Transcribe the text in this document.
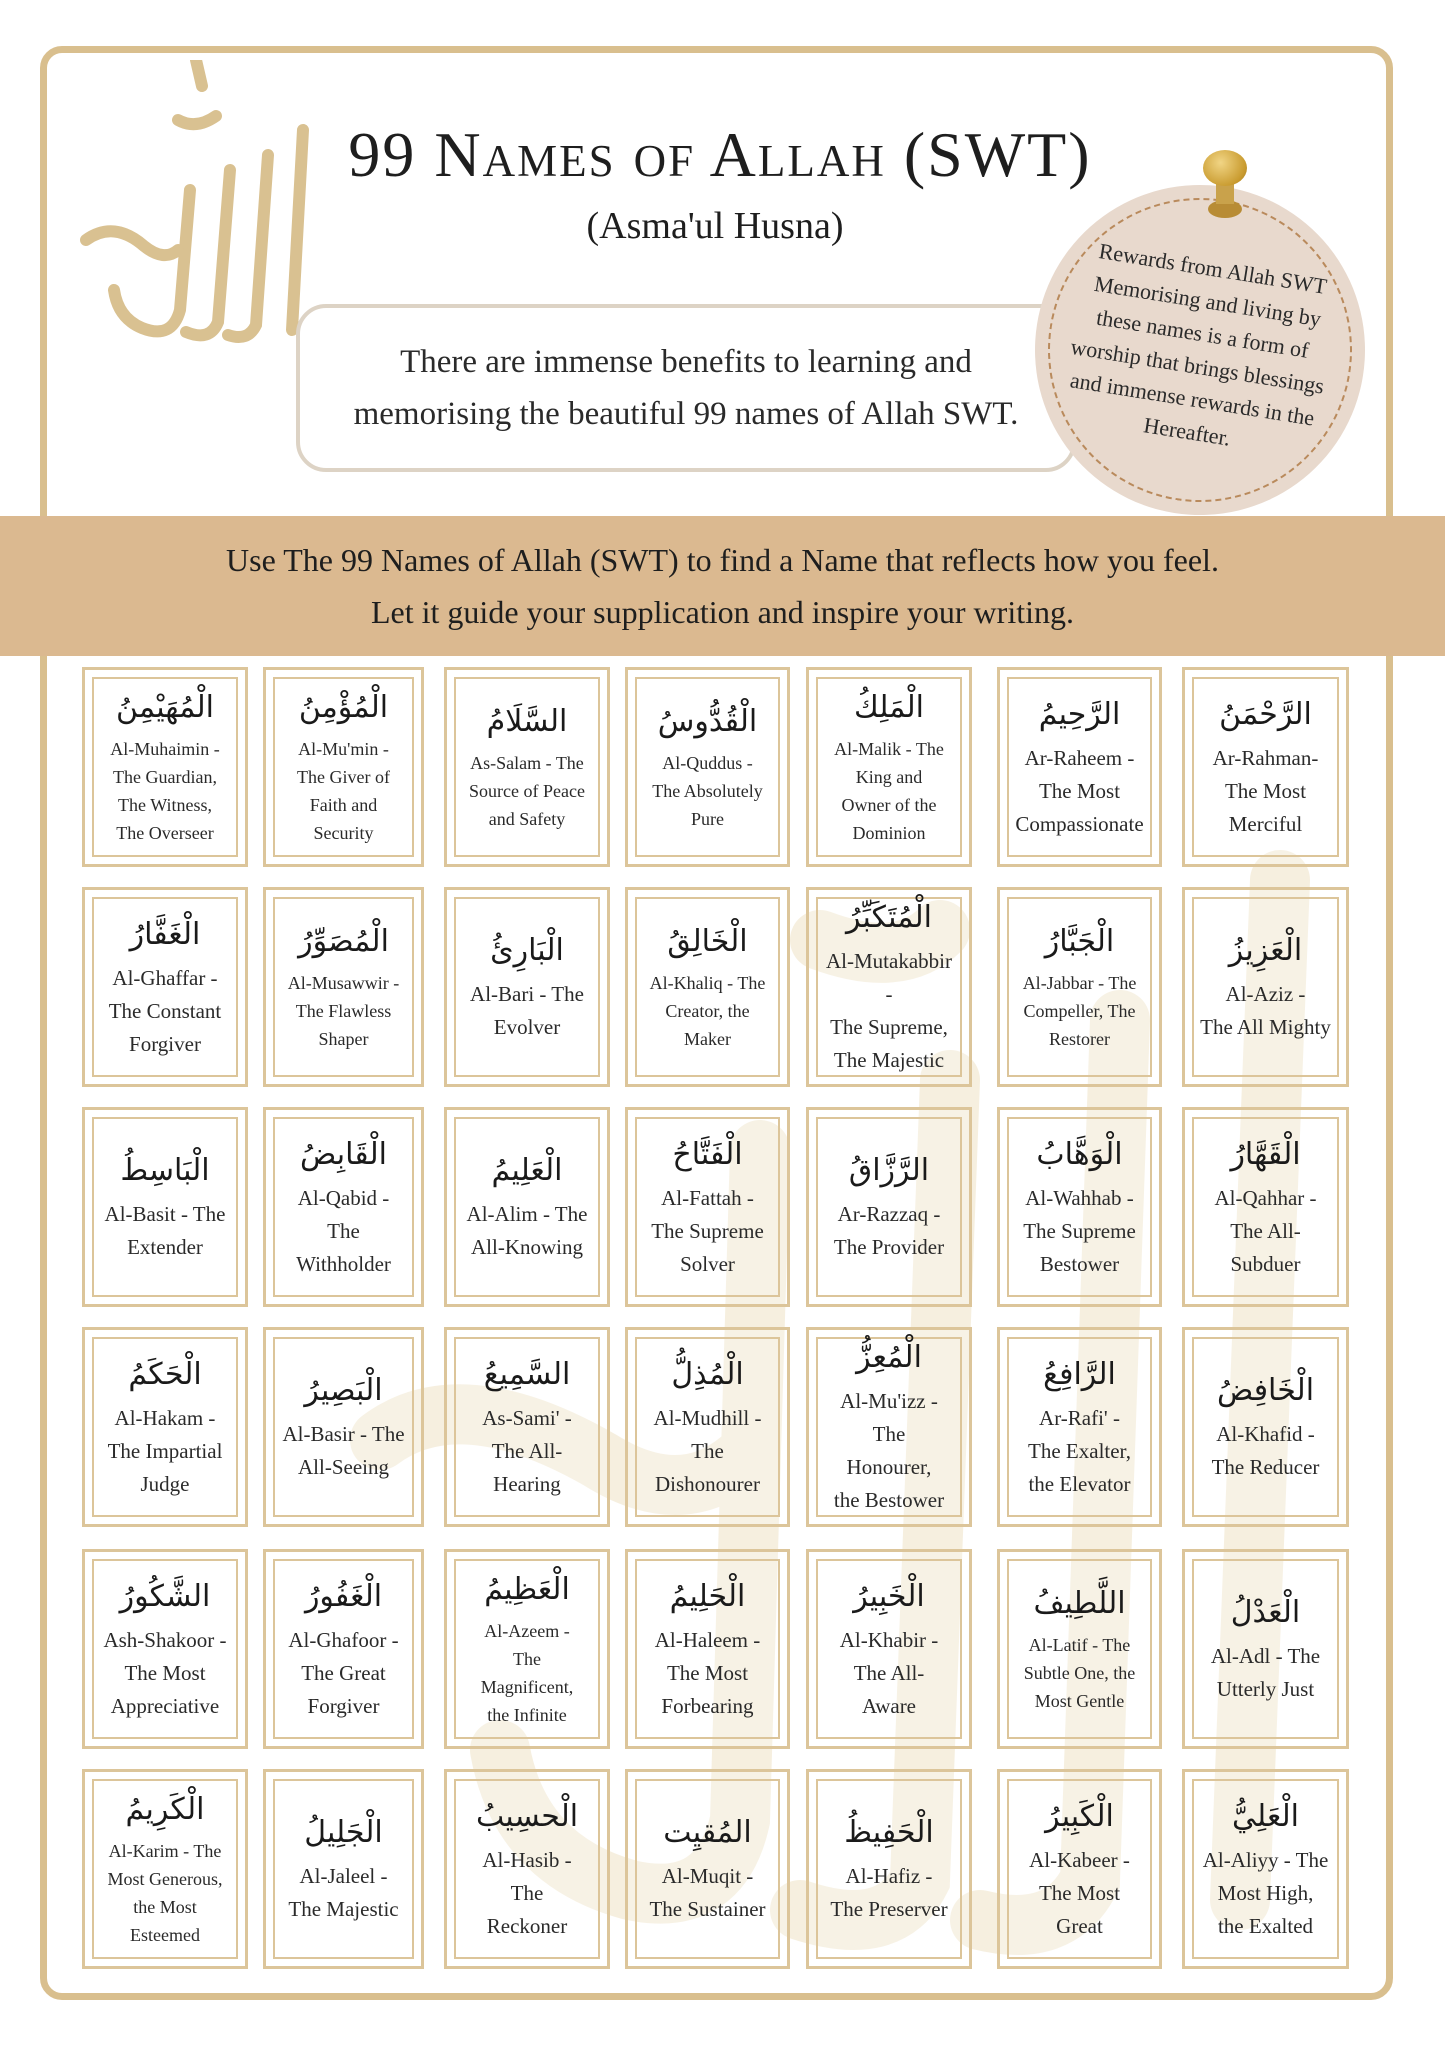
99 Names of Allah (SWT)
(Asma'ul Husna)
There are immense benefits to learning and
memorising the beautiful 99 names of Allah SWT.
Rewards from Allah SWT Memorising and living by these names is a form of worship that brings blessings and immense rewards in the Hereafter.
Use The 99 Names of Allah (SWT) to find a Name that reflects how you feel.
Let it guide your supplication and inspire your writing.
الْمُهَيْمِنُ
Al-Muhaimin -
The Guardian,
The Witness,
The Overseer
الْمُؤْمِنُ
Al-Mu'min -
The Giver of
Faith and
Security
السَّلَامُ
As-Salam - The
Source of Peace
and Safety
الْقُدُّوسُ
Al-Quddus -
The Absolutely
Pure
الْمَلِكُ
Al-Malik - The
King and
Owner of the
Dominion
الرَّحِيمُ
Ar-Raheem -
The Most
Compassionate
الرَّحْمَنُ
Ar-Rahman-
The Most
Merciful
الْغَفَّارُ
Al-Ghaffar -
The Constant
Forgiver
الْمُصَوِّرُ
Al-Musawwir -
The Flawless
Shaper
الْبَارِئُ
Al-Bari - The
Evolver
الْخَالِقُ
Al-Khaliq - The
Creator, the
Maker
الْمُتَكَبِّرُ
Al-Mutakabbir -
The Supreme,
The Majestic
الْجَبَّارُ
Al-Jabbar - The
Compeller, The
Restorer
الْعَزِيزُ
Al-Aziz -
The All Mighty
الْبَاسِطُ
Al-Basit - The
Extender
الْقَابِضُ
Al-Qabid -
The
Withholder
الْعَلِيمُ
Al-Alim - The
All-Knowing
الْفَتَّاحُ
Al-Fattah -
The Supreme
Solver
الرَّزَّاقُ
Ar-Razzaq -
The Provider
الْوَهَّابُ
Al-Wahhab -
The Supreme
Bestower
الْقَهَّارُ
Al-Qahhar -
The All-
Subduer
الْحَكَمُ
Al-Hakam -
The Impartial
Judge
الْبَصِيرُ
Al-Basir - The
All-Seeing
السَّمِيعُ
As-Sami' -
The All-
Hearing
الْمُذِلُّ
Al-Mudhill -
The
Dishonourer
الْمُعِزُّ
Al-Mu'izz -
The
Honourer,
the Bestower
الرَّافِعُ
Ar-Rafi' -
The Exalter,
the Elevator
الْخَافِضُ
Al-Khafid -
The Reducer
الشَّكُورُ
Ash-Shakoor -
The Most
Appreciative
الْغَفُورُ
Al-Ghafoor -
The Great
Forgiver
الْعَظِيمُ
Al-Azeem -
The
Magnificent,
the Infinite
الْحَلِيمُ
Al-Haleem -
The Most
Forbearing
الْخَبِيرُ
Al-Khabir -
The All-
Aware
اللَّطِيفُ
Al-Latif - The
Subtle One, the
Most Gentle
الْعَدْلُ
Al-Adl - The
Utterly Just
الْكَرِيمُ
Al-Karim - The
Most Generous,
the Most
Esteemed
الْجَلِيلُ
Al-Jaleel -
The Majestic
الْحسِيبُ
Al-Hasib -
The
Reckoner
المُقيِت
Al-Muqit -
The Sustainer
الْحَفِيظُ
Al-Hafiz -
The Preserver
الْكَبِيرُ
Al-Kabeer -
The Most
Great
الْعَلِيُّ
Al-Aliyy - The
Most High,
the Exalted
